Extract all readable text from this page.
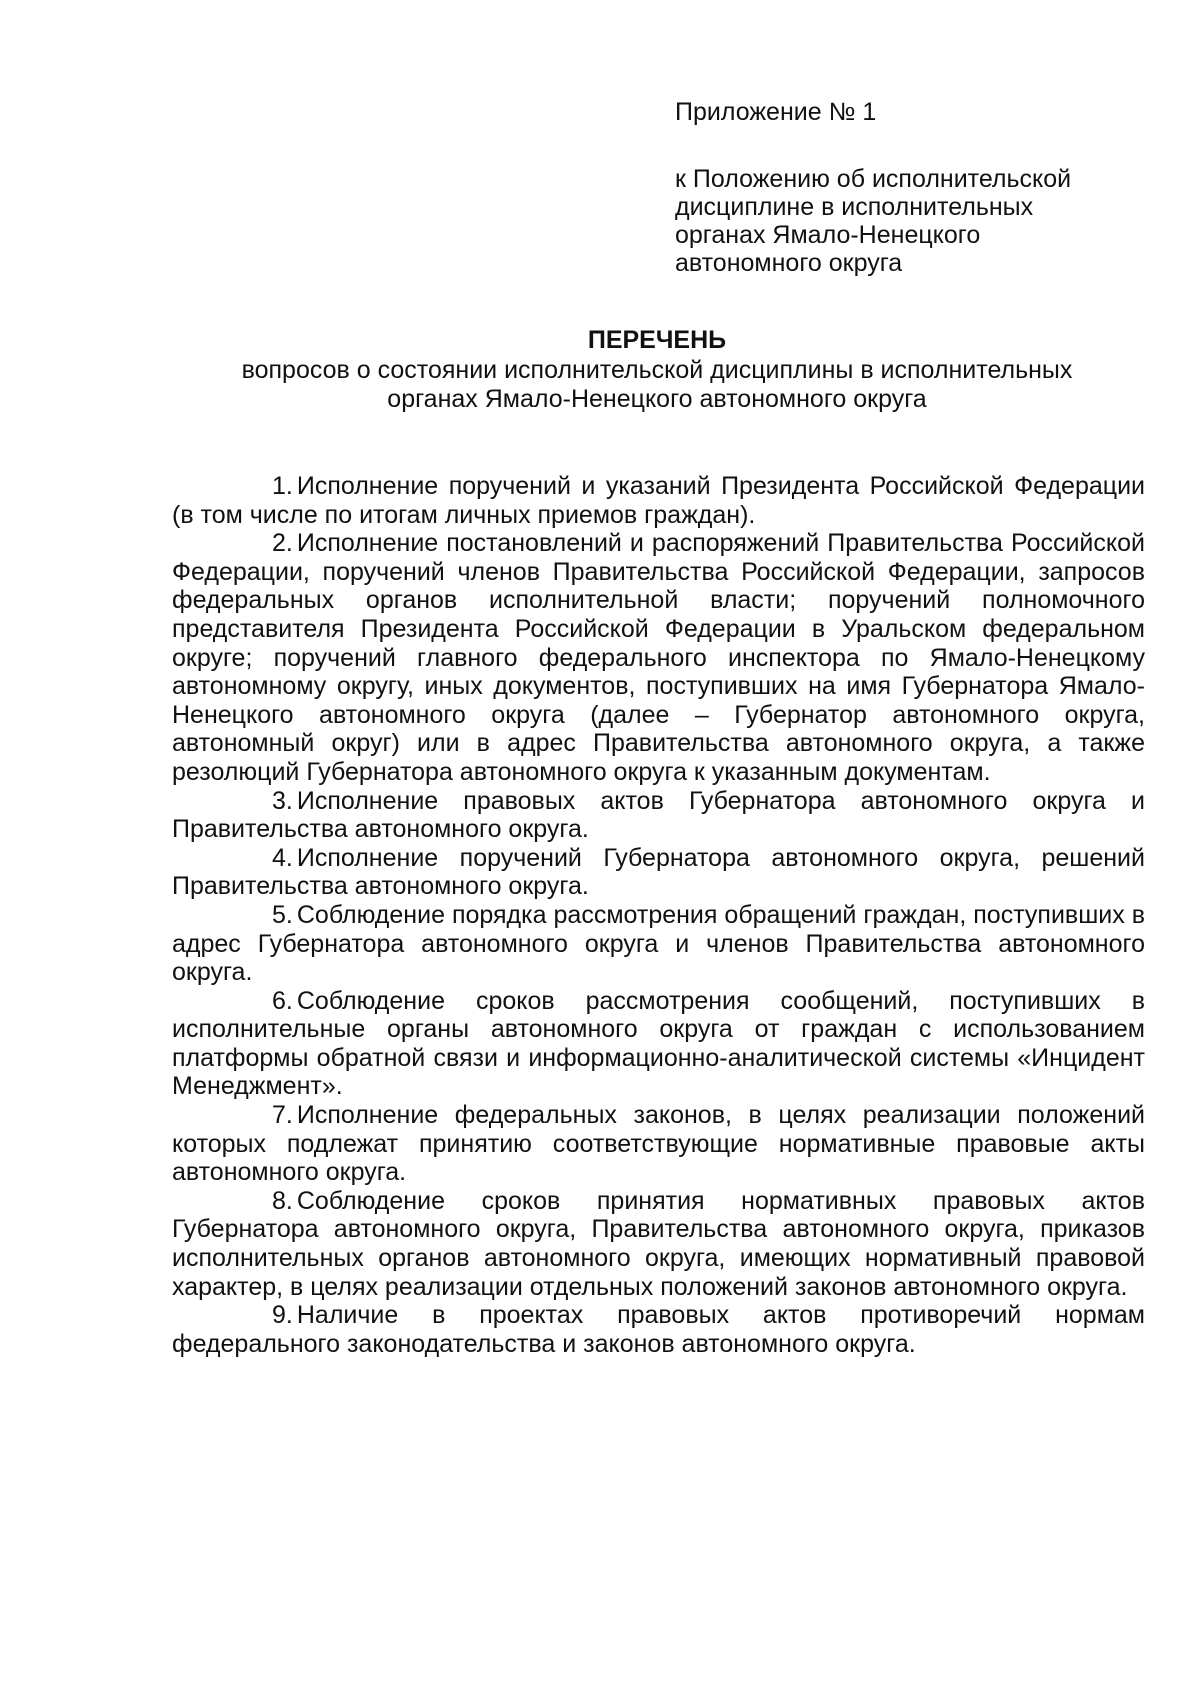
Приложение № 1

к Положению об исполнительской дисциплине в исполнительных органах Ямало-Ненецкого автономного округа

ПЕРЕЧЕНЬ

вопросов о состоянии исполнительской дисциплины в исполнительных
органах Ямало-Ненецкого автономного округа

1. Исполнение поручений и указаний Президента Российской Федерации (в том числе по итогам личных приемов граждан).

2. Исполнение постановлений и распоряжений Правительства Российской Федерации, поручений членов Правительства Российской Федерации, запросов федеральных органов исполнительной власти; поручений полномочного представителя Президента Российской Федерации в Уральском федеральном округе; поручений главного федерального инспектора по Ямало-Ненецкому автономному округу, иных документов, поступивших на имя Губернатора Ямало-Ненецкого автономного округа (далее – Губернатор автономного округа, автономный округ) или в адрес Правительства автономного округа, а также резолюций Губернатора автономного округа к указанным документам.

3. Исполнение правовых актов Губернатора автономного округа и Правительства автономного округа.

4. Исполнение поручений Губернатора автономного округа, решений Правительства автономного округа.

5. Соблюдение порядка рассмотрения обращений граждан, поступивших в адрес Губернатора автономного округа и членов Правительства автономного округа.

6. Соблюдение сроков рассмотрения сообщений, поступивших в исполнительные органы автономного округа от граждан с использованием платформы обратной связи и информационно-аналитической системы «Инцидент Менеджмент».

7. Исполнение федеральных законов, в целях реализации положений которых подлежат принятию соответствующие нормативные правовые акты автономного округа.

8. Соблюдение сроков принятия нормативных правовых актов Губернатора автономного округа, Правительства автономного округа, приказов исполнительных органов автономного округа, имеющих нормативный правовой характер, в целях реализации отдельных положений законов автономного округа.

9. Наличие в проектах правовых актов противоречий нормам федерального законодательства и законов автономного округа.
